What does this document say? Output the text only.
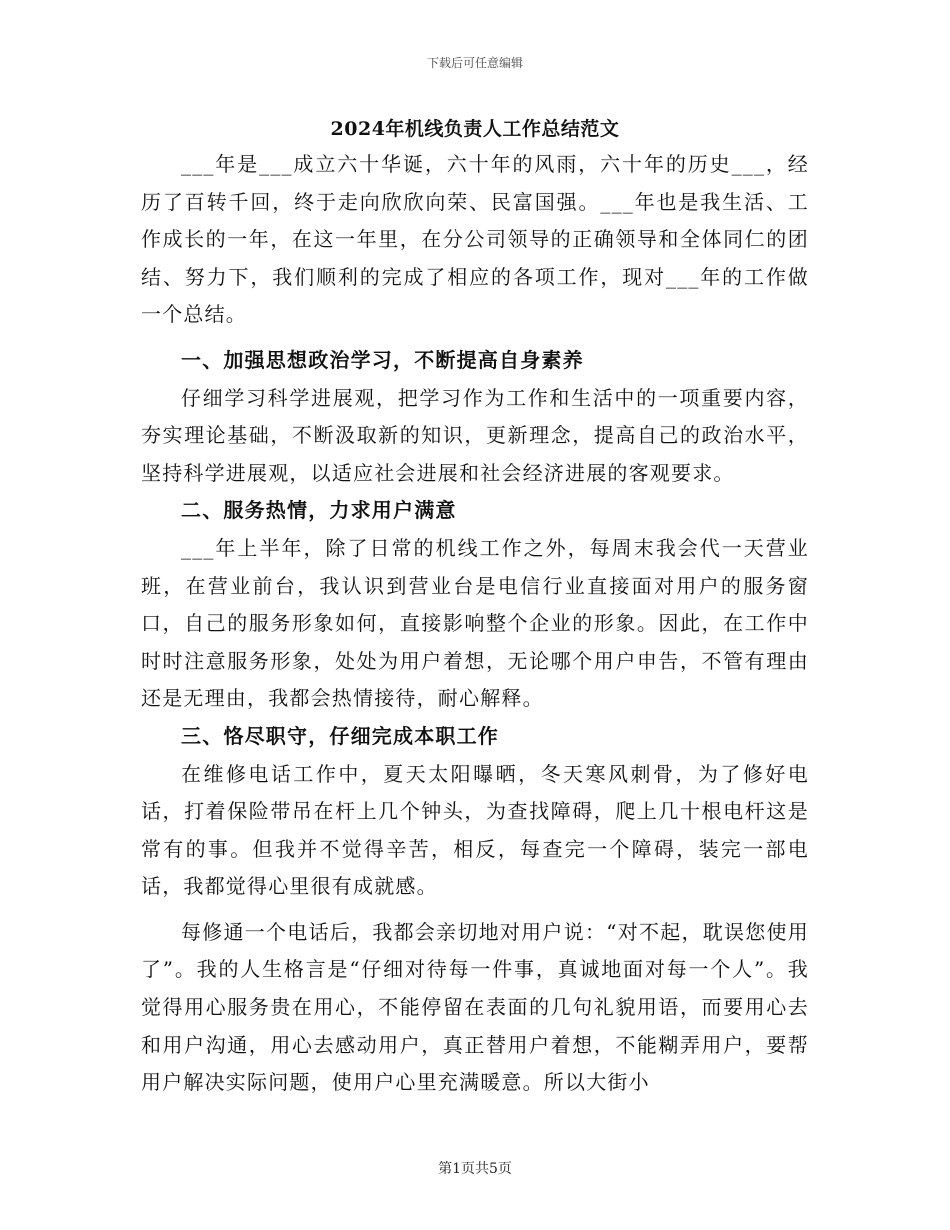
下载后可任意编辑
2024年机线负责人工作总结范文

___年是___成立六十华诞，六十年的风雨，六十年的历史___，经历了百转千回，终于走向欣欣向荣、民富国强。___年也是我生活、工作成长的一年，在这一年里，在分公司领导的正确领导和全体同仁的团结、努力下，我们顺利的完成了相应的各项工作，现对___年的工作做一个总结。

一、加强思想政治学习，不断提高自身素养

仔细学习科学进展观，把学习作为工作和生活中的一项重要内容，夯实理论基础，不断汲取新的知识，更新理念，提高自己的政治水平，坚持科学进展观，以适应社会进展和社会经济进展的客观要求。

二、服务热情，力求用户满意

___年上半年，除了日常的机线工作之外，每周末我会代一天营业班，在营业前台，我认识到营业台是电信行业直接面对用户的服务窗口，自己的服务形象如何，直接影响整个企业的形象。因此，在工作中时时注意服务形象，处处为用户着想，无论哪个用户申告，不管有理由还是无理由，我都会热情接待，耐心解释。

三、恪尽职守，仔细完成本职工作

在维修电话工作中，夏天太阳曝晒，冬天寒风刺骨，为了修好电话，打着保险带吊在杆上几个钟头，为查找障碍，爬上几十根电杆这是常有的事。但我并不觉得辛苦，相反，每查完一个障碍，装完一部电话，我都觉得心里很有成就感。

每修通一个电话后，我都会亲切地对用户说：“对不起，耽误您使用了”。我的人生格言是“仔细对待每一件事，真诚地面对每一个人”。我觉得用心服务贵在用心，不能停留在表面的几句礼貌用语，而要用心去和用户沟通，用心去感动用户，真正替用户着想，不能糊弄用户，要帮用户解决实际问题，使用户心里充满暖意。所以大街小

第1页共5页
